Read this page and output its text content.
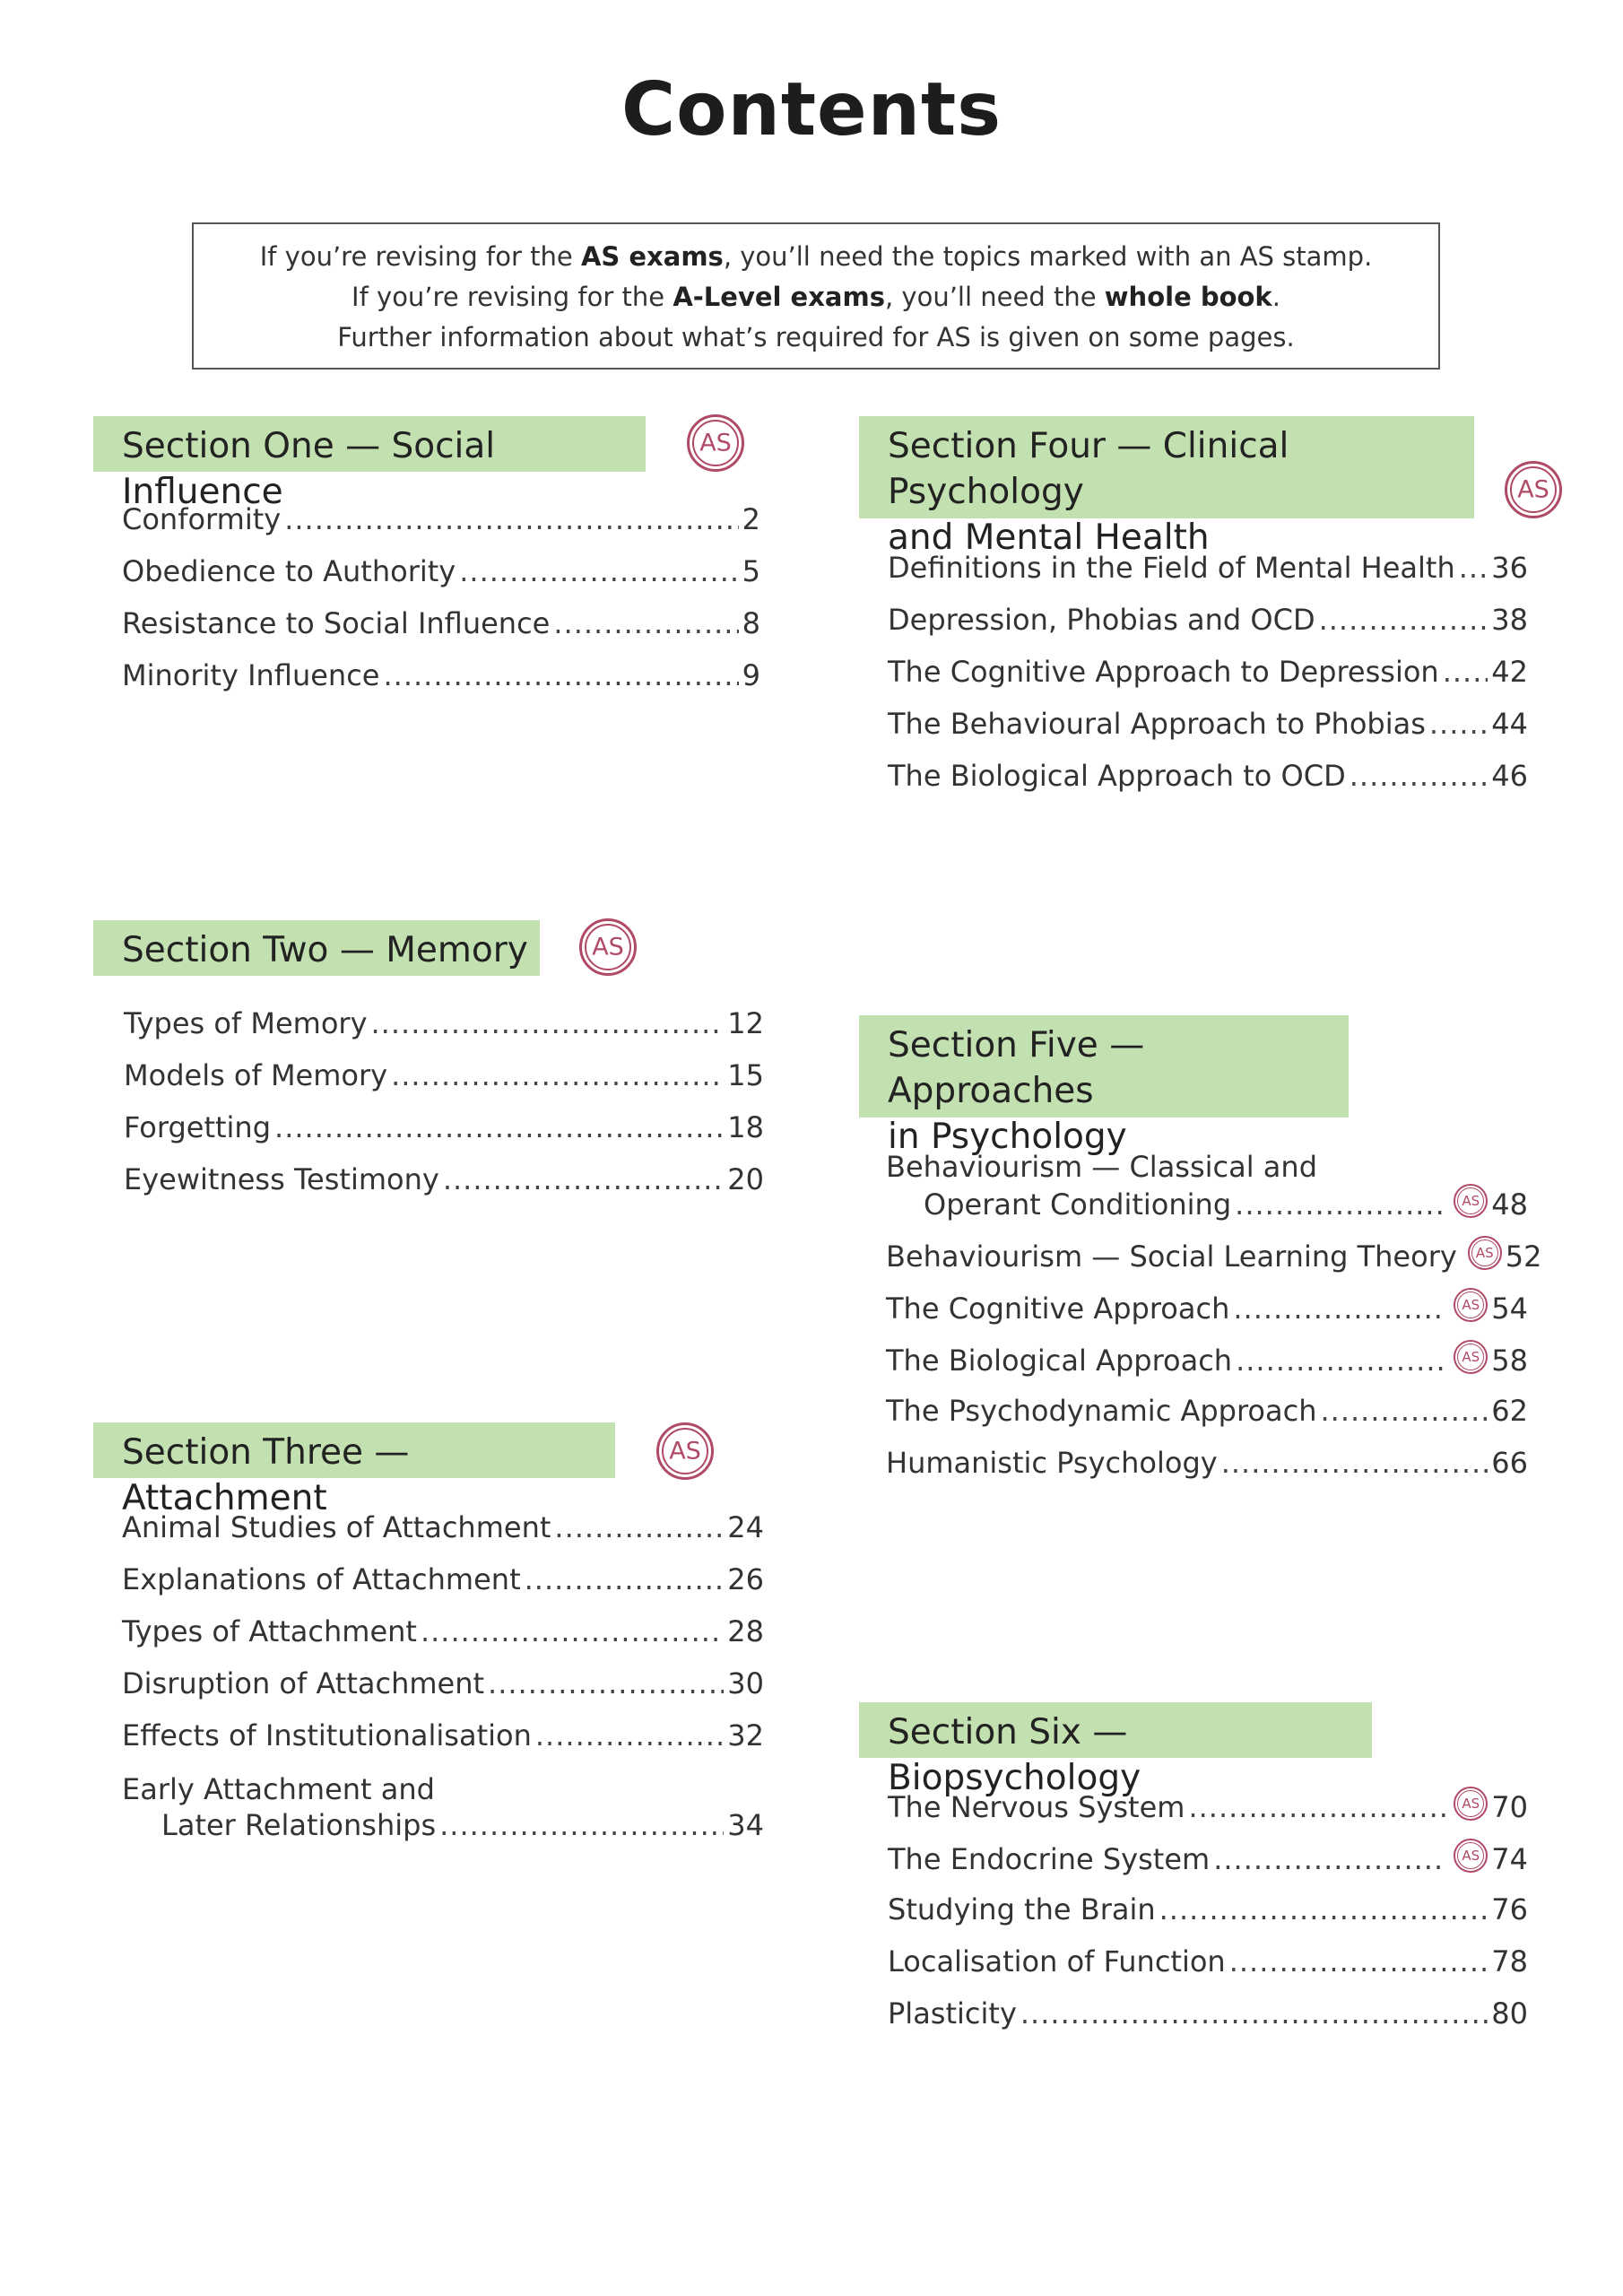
Contents
If you’re revising for the AS exams, you’ll need the topics marked with an AS stamp.
If you’re revising for the A-Level exams, you’ll need the whole book.
Further information about what’s required for AS is given on some pages.
Section One — Social Influence
AS
Conformity .....	2
Obedience to Authority .....	5
Resistance to Social Influence .....	8
Minority Influence .....	9
Section Two — Memory	AS
Types of Memory .....	12
Models of Memory .....	15
Forgetting .....	18
Eyewitness Testimony .....	20
Section Three — Attachment
AS
Animal Studies of Attachment .....	24
Explanations of Attachment .....	26
Types of Attachment .....	28
Disruption of Attachment .....	30
Effects of Institutionalisation .....	32
Early Attachment and
Later Relationships .....	34
Section Four — Clinical Psychology
and Mental Health
AS
Definitions in the Field of Mental Health ..... 36
Depression, Phobias and OCD .....	38
The Cognitive Approach to Depression ..... 42
The Behavioural Approach to Phobias ..... 44
The Biological Approach to OCD .....	46
Section Five — Approaches
in Psychology
Behaviourism — Classical and
Operant Conditioning .....	AS 48
Behaviourism — Social Learning Theory	AS 52
The Cognitive Approach .....	AS 54
The Biological Approach .....	AS 58
The Psychodynamic Approach .....	62
Humanistic Psychology .....	66
Section Six — Biopsychology
The Nervous System .....	AS 70
The Endocrine System .....	AS 74
Studying the Brain .....	76
Localisation of Function .....	78
Plasticity .....	80
